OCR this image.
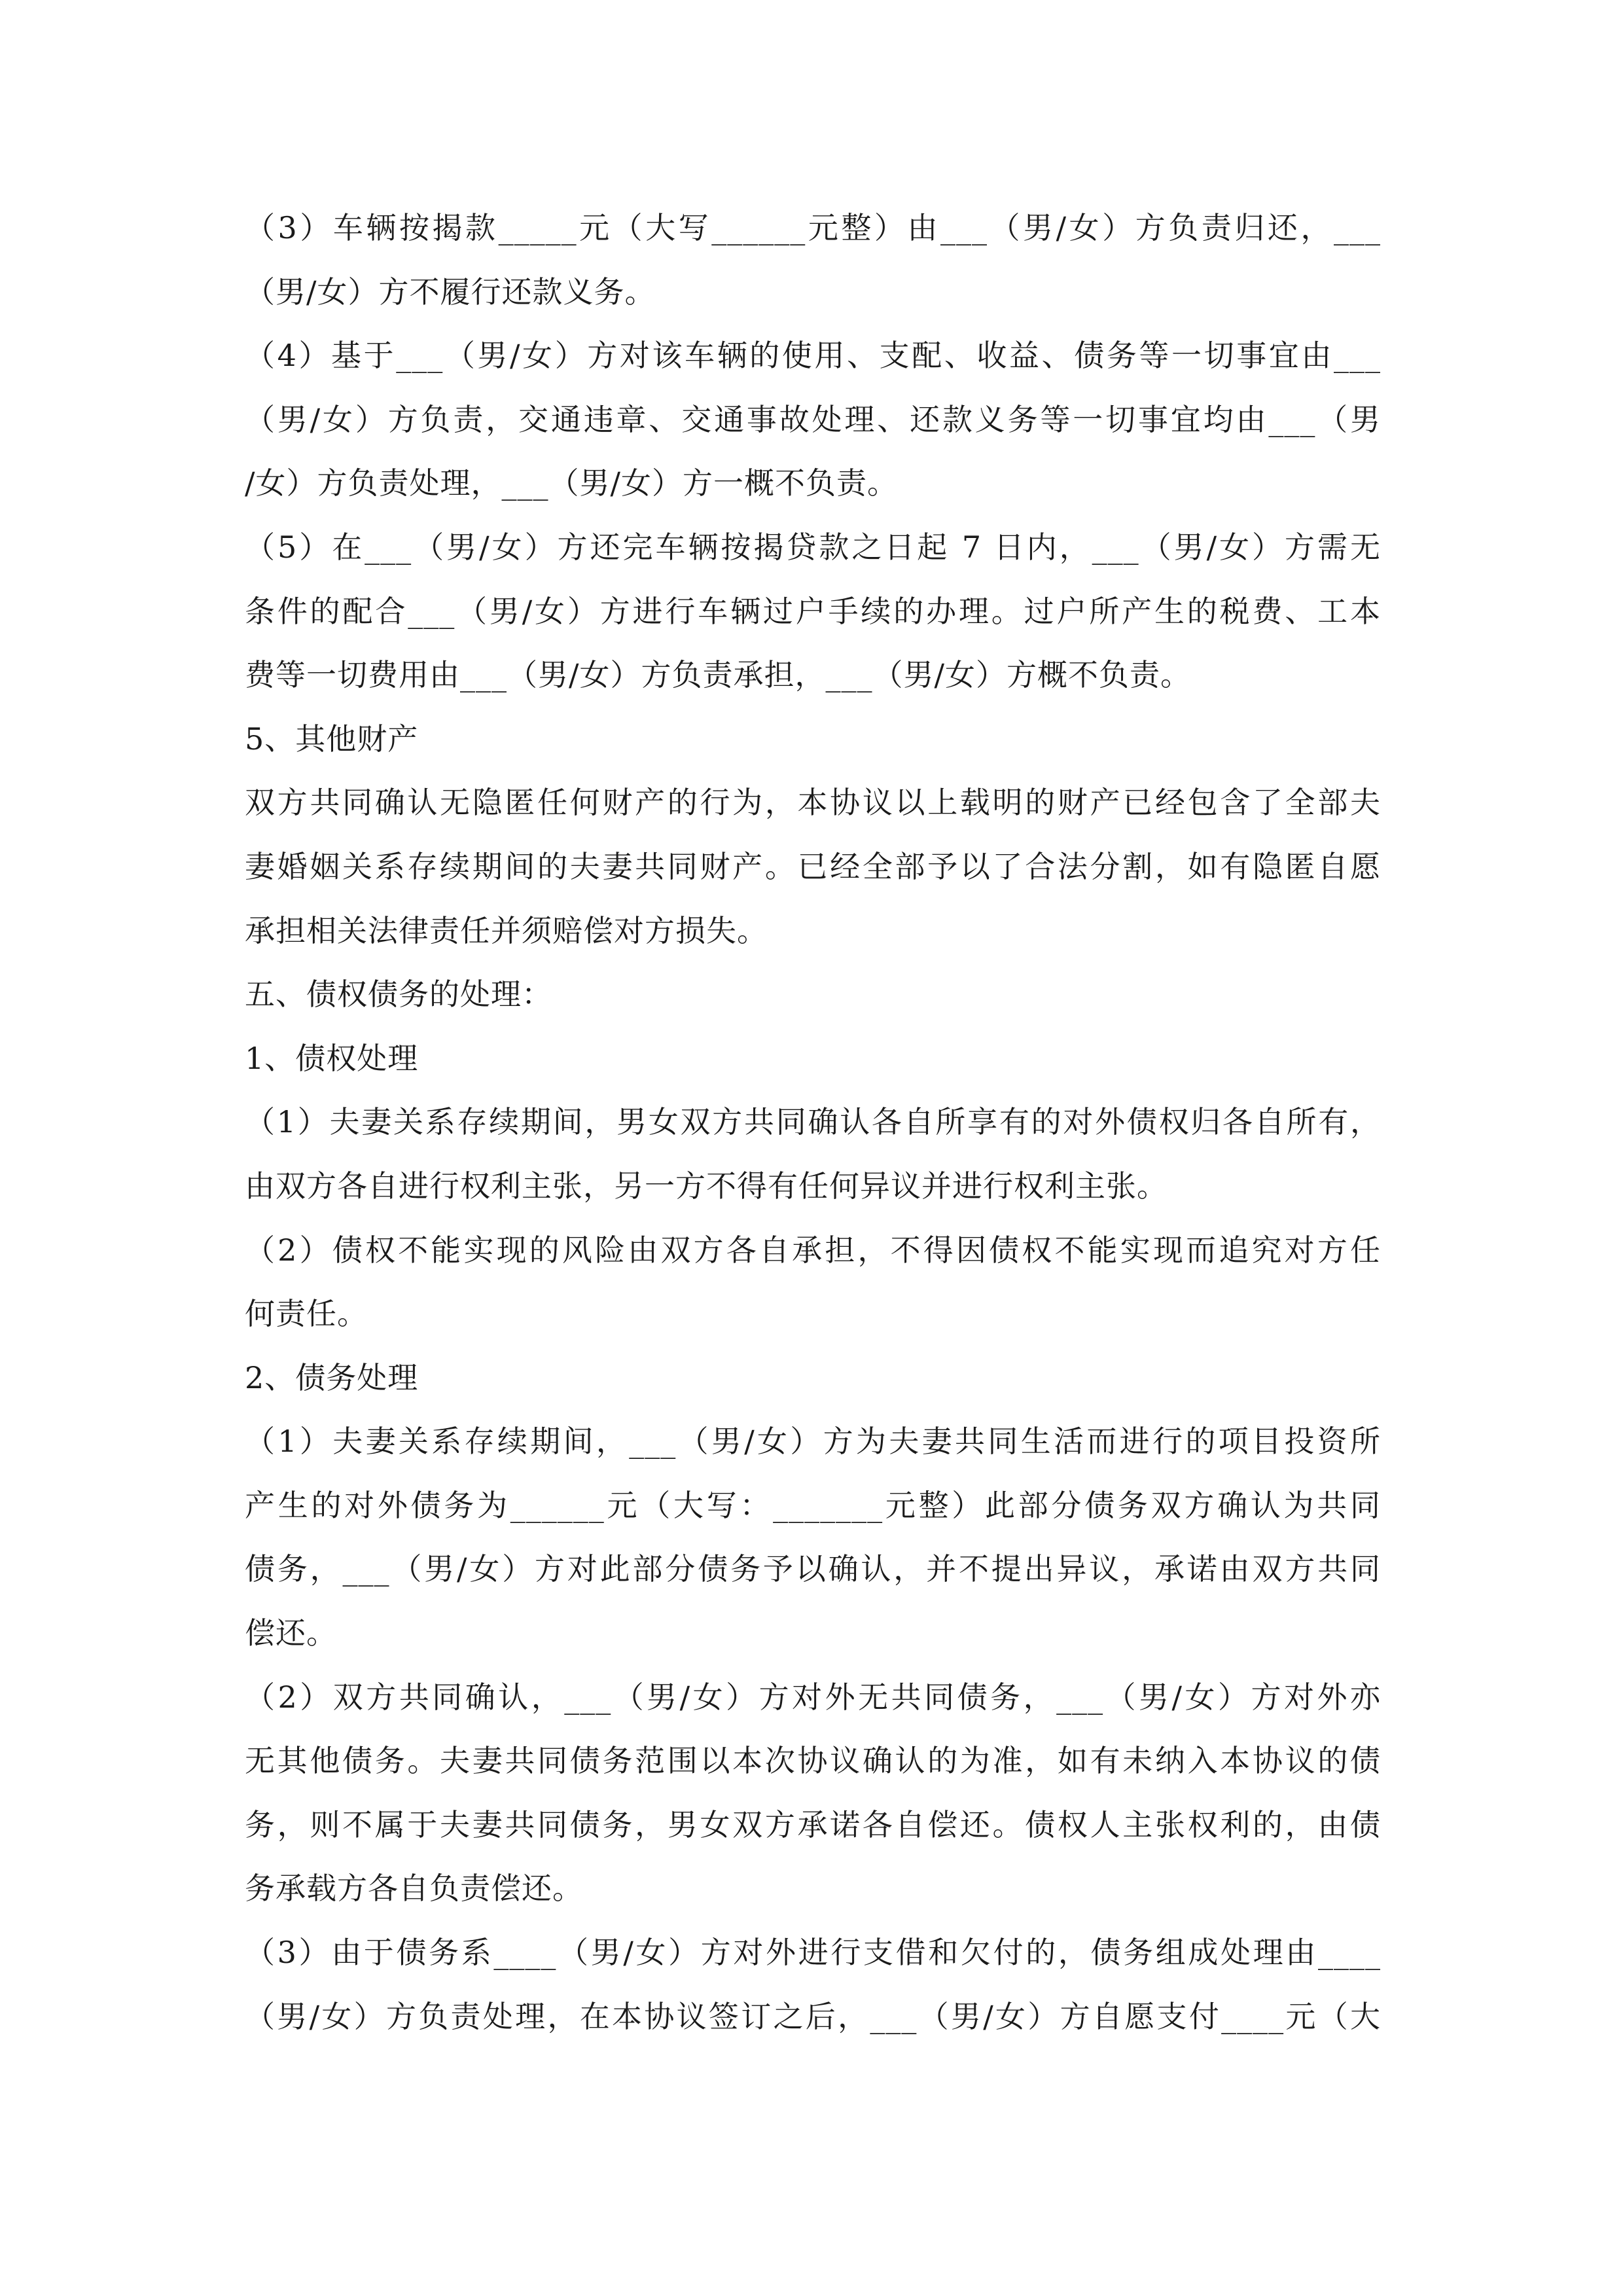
（3）车辆按揭款_____元（大写______元整）由___（男/女）方负责归还，___
（男/女）方不履行还款义务。
（4）基于___（男/女）方对该车辆的使用、支配、收益、债务等一切事宜由___
（男/女）方负责，交通违章、交通事故处理、还款义务等一切事宜均由___（男
/女）方负责处理，___（男/女）方一概不负责。
（5）在___（男/女）方还完车辆按揭贷款之日起 7 日内，___（男/女）方需无
条件的配合___（男/女）方进行车辆过户手续的办理。过户所产生的税费、工本
费等一切费用由___（男/女）方负责承担，___（男/女）方概不负责。
5、其他财产
双方共同确认无隐匿任何财产的行为，本协议以上载明的财产已经包含了全部夫
妻婚姻关系存续期间的夫妻共同财产。已经全部予以了合法分割，如有隐匿自愿
承担相关法律责任并须赔偿对方损失。
五、债权债务的处理：
1、债权处理
（1）夫妻关系存续期间，男女双方共同确认各自所享有的对外债权归各自所有，
由双方各自进行权利主张，另一方不得有任何异议并进行权利主张。
（2）债权不能实现的风险由双方各自承担，不得因债权不能实现而追究对方任
何责任。
2、债务处理
（1）夫妻关系存续期间，___（男/女）方为夫妻共同生活而进行的项目投资所
产生的对外债务为______元（大写：_______元整）此部分债务双方确认为共同
债务，___（男/女）方对此部分债务予以确认，并不提出异议，承诺由双方共同
偿还。
（2）双方共同确认，___（男/女）方对外无共同债务，___（男/女）方对外亦
无其他债务。夫妻共同债务范围以本次协议确认的为准，如有未纳入本协议的债
务，则不属于夫妻共同债务，男女双方承诺各自偿还。债权人主张权利的，由债
务承载方各自负责偿还。
（3）由于债务系____（男/女）方对外进行支借和欠付的，债务组成处理由____
（男/女）方负责处理，在本协议签订之后，___（男/女）方自愿支付____元（大
